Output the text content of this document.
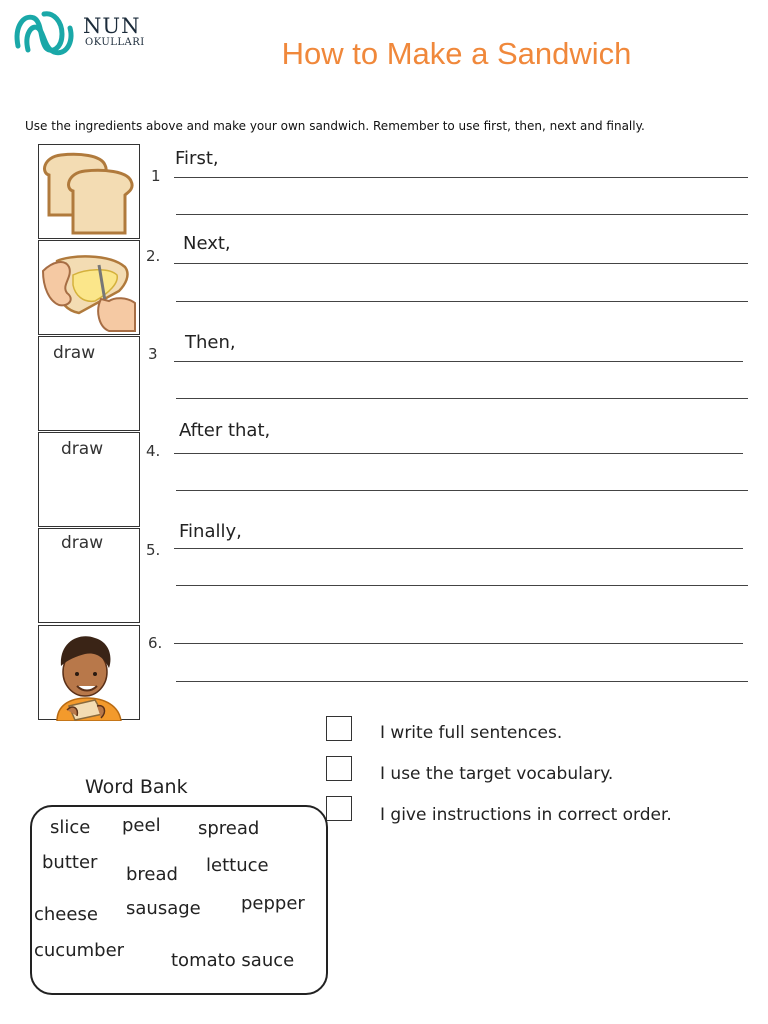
NUN
OKULLARI	How to Make a Sandwich
Use the ingredients above and make your own sandwich. Remember to use first, then, next and finally.
draw
draw
draw
1
2.
3
4.
5.
6.
First,
Next,
Then,
After that,
Finally,
I write full sentences.
I use the target vocabulary.
I give instructions in correct order.
Word Bank
slice peel spread
butter
bread lettuce
cheese sausage pepper
cucumber	tomato sauce
